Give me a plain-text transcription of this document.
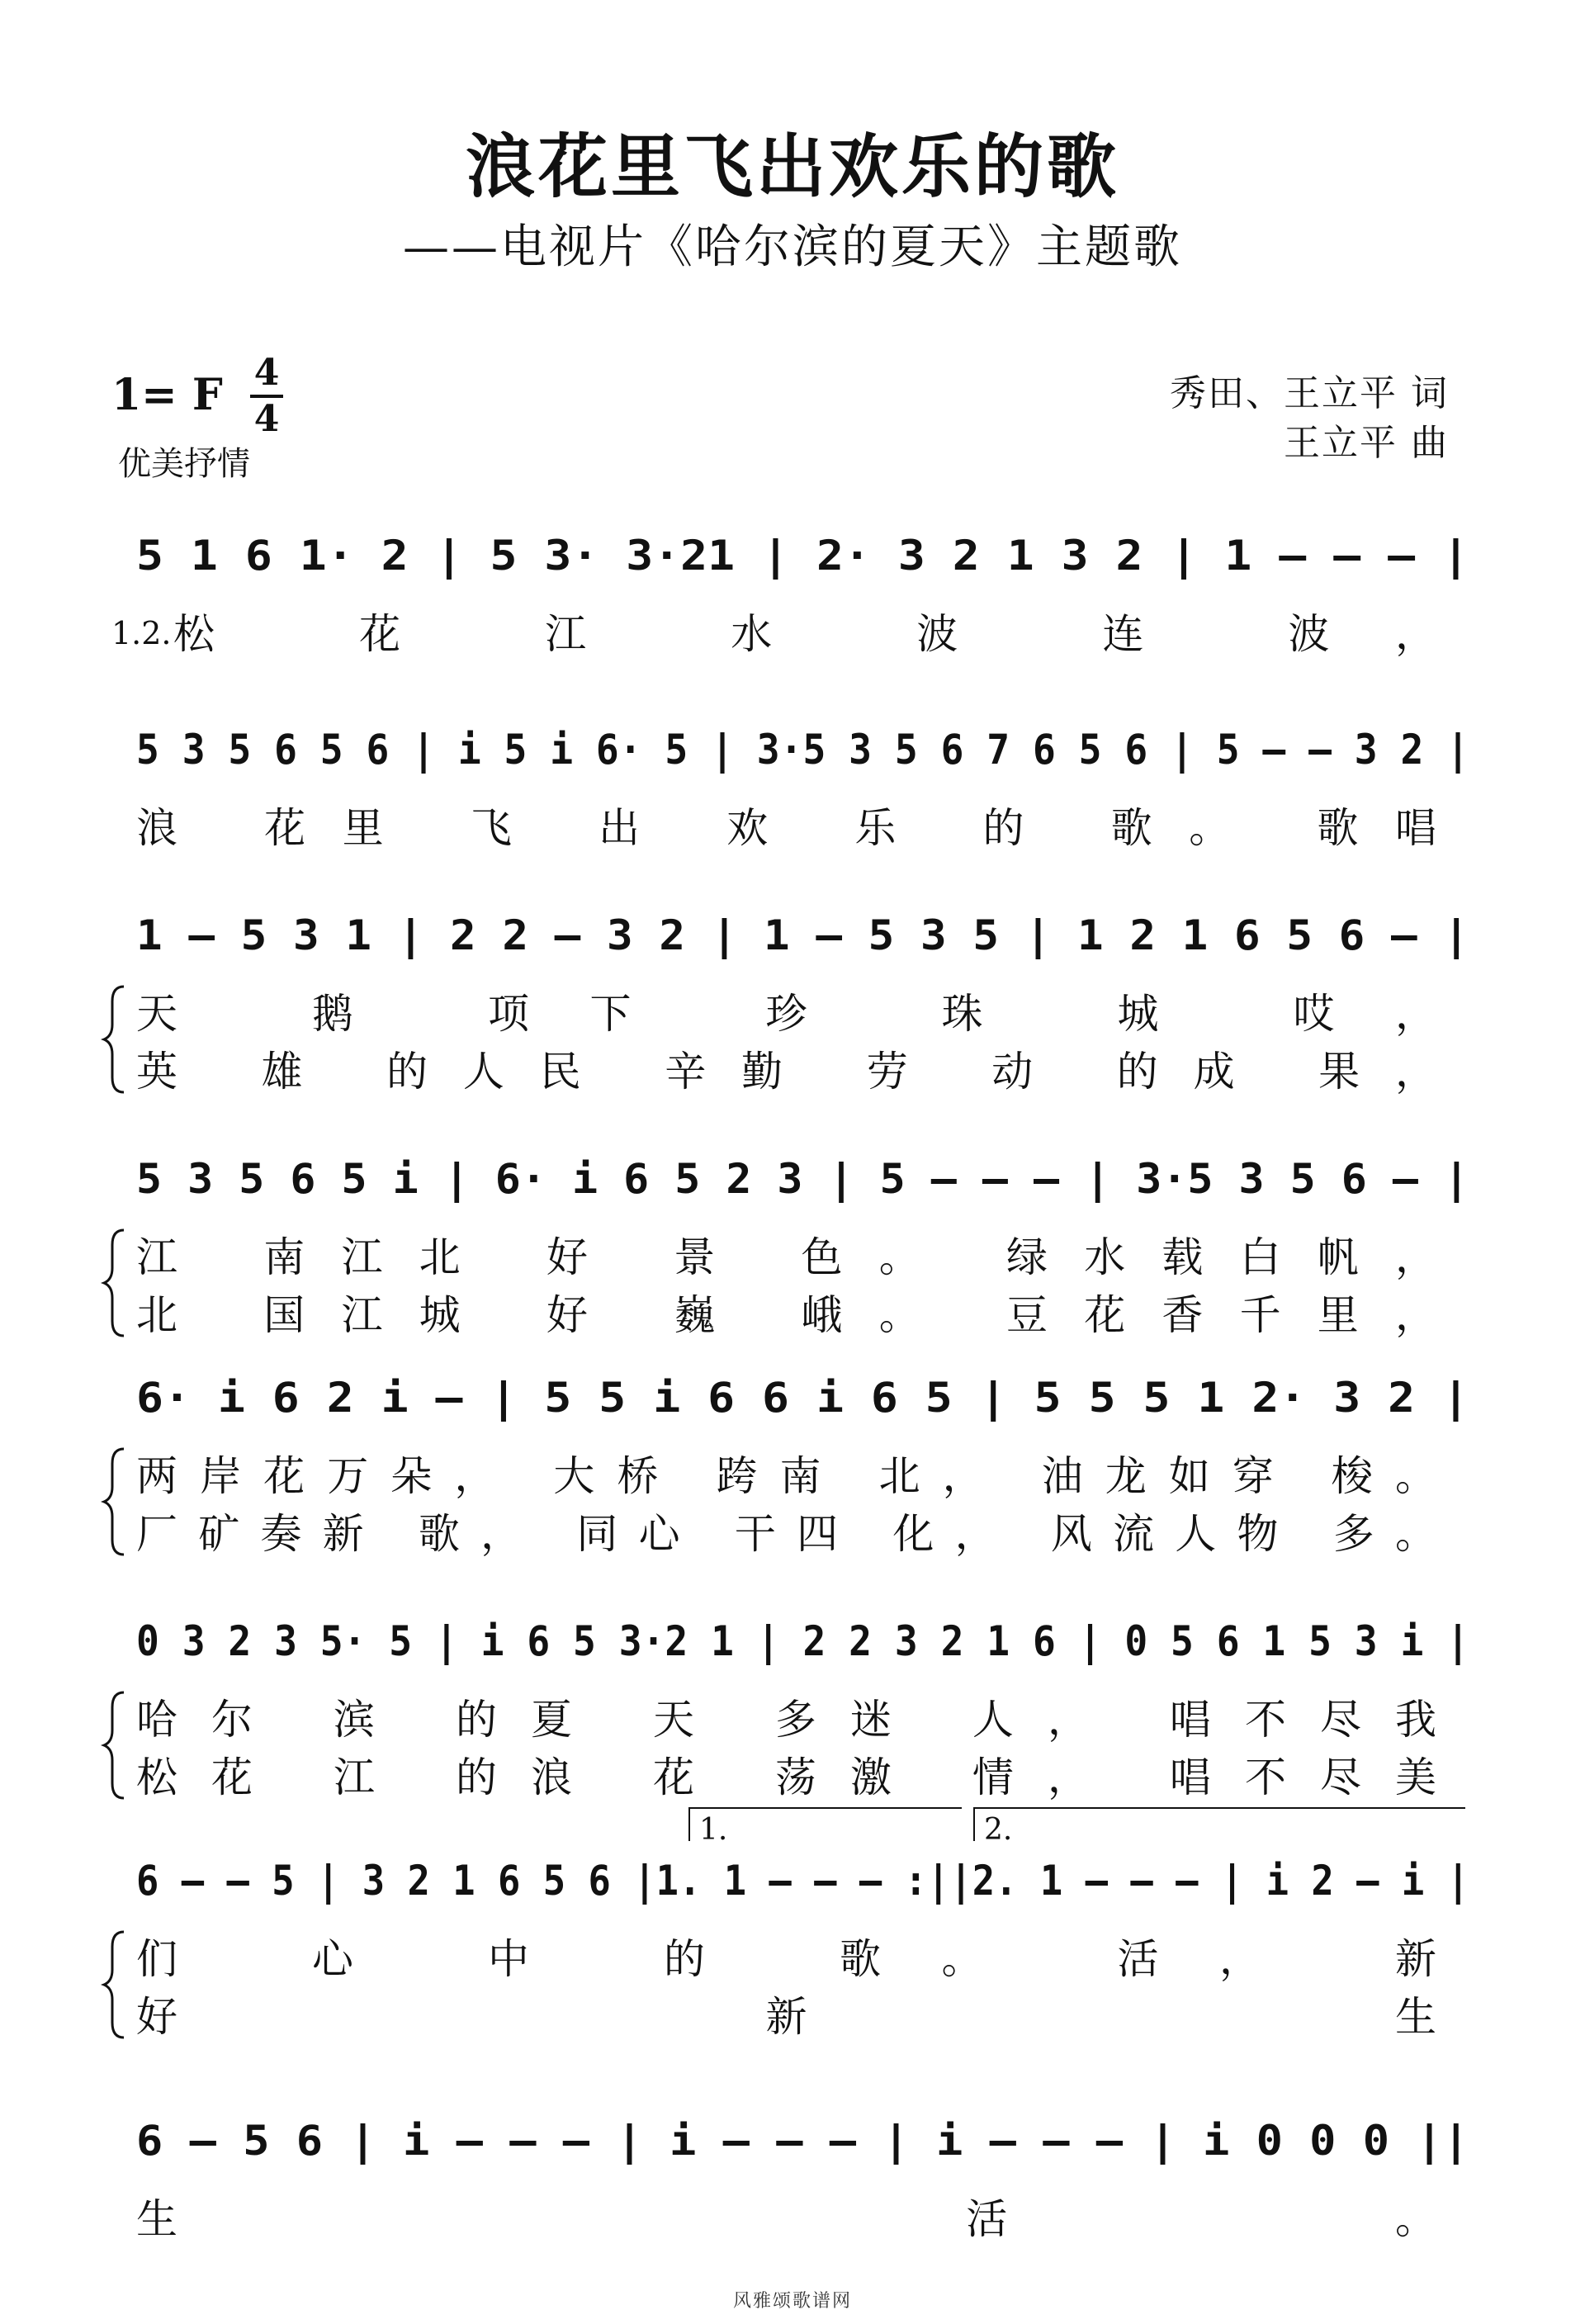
浪花里飞出欢乐的歌
——电视片《哈尔滨的夏天》主题歌
1= F 4
4
优美抒情
秀田、王立平 词
王立平 曲
5 1 6 1· 2 | 5 3· 3·21 | 2· 3 2 1 3 2 | 1 — — — |
1.2. 松 花 江 水 波 连 波，
5 3 5 6 5 6 | i 5 i 6· 5 | 3·5 3 5 6 7 6 5 6 | 5 — — 3 2 |
浪 花里 飞 出 欢 乐 的 歌。 歌唱
1 — 5 3 1 | 2 2 — 3 2 | 1 — 5 3 5 | 1 2 1 6 5 6 — |
天 鹅 项下 珍 珠 城 哎，
英 雄 的人民 辛勤 劳 动 的成 果，
5 3 5 6 5 i | 6· i 6 5 2 3 | 5 — — — | 3·5 3 5 6 — |
江 南江北 好 景 色。 绿水载白帆，
北 国江城 好 巍 峨。 豆花香千里，
6· i 6 2 i — | 5 5 i 6 6 i 6 5 | 5 5 5 1 2· 3 2 |
两岸花万朵， 大桥 跨南 北， 油龙如穿 梭。
厂矿奏新 歌， 同心 干四 化， 风流人物 多。
0 3 2 3 5· 5 | i 6 5 3·2 1 | 2 2 3 2 1 6 | 0 5 6 1 5 3 i |
哈尔 滨 的夏 天 多迷 人， 唱不尽我
松花 江 的浪 花 荡激 情， 唱不尽美
6 — — 5 | 3 2 1 6 5 6 |1. 1 — — — :||2. 1 — — — | i 2 — i |
们 心 中 的 歌。 活， 新
好 新 生
6 — 5 6 | i — — — | i — — — | i — — — | i 0 0 0 ||
生 活。
1.	2.
风雅颂歌谱网
